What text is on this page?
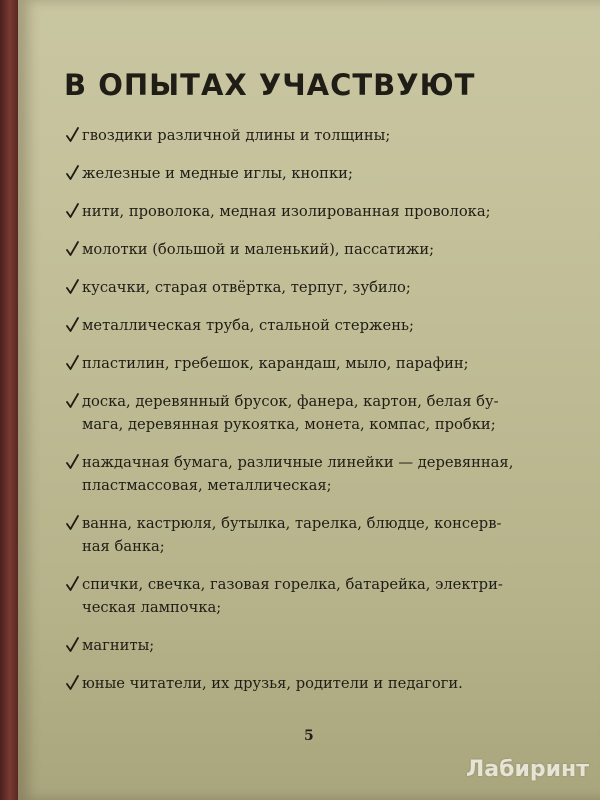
В ОПЫТАХ УЧАСТВУЮТ
гвоздики различной длины и толщины;
железные и медные иглы, кнопки;
нити, проволока, медная изолированная проволока;
молотки (большой и маленький), пассатижи;
кусачки, старая отвёртка, терпуг, зубило;
металлическая труба, стальной стержень;
пластилин, гребешок, карандаш, мыло, парафин;
доска, деревянный брусок, фанера, картон, белая бу-
мага, деревянная рукоятка, монета, компас, пробки;
наждачная бумага, различные линейки — деревянная,
пластмассовая, металлическая;
ванна, кастрюля, бутылка, тарелка, блюдце, консерв-
ная банка;
спички, свечка, газовая горелка, батарейка, электри-
ческая лампочка;
магниты;
юные читатели, их друзья, родители и педагоги.
5
Лабиринт
